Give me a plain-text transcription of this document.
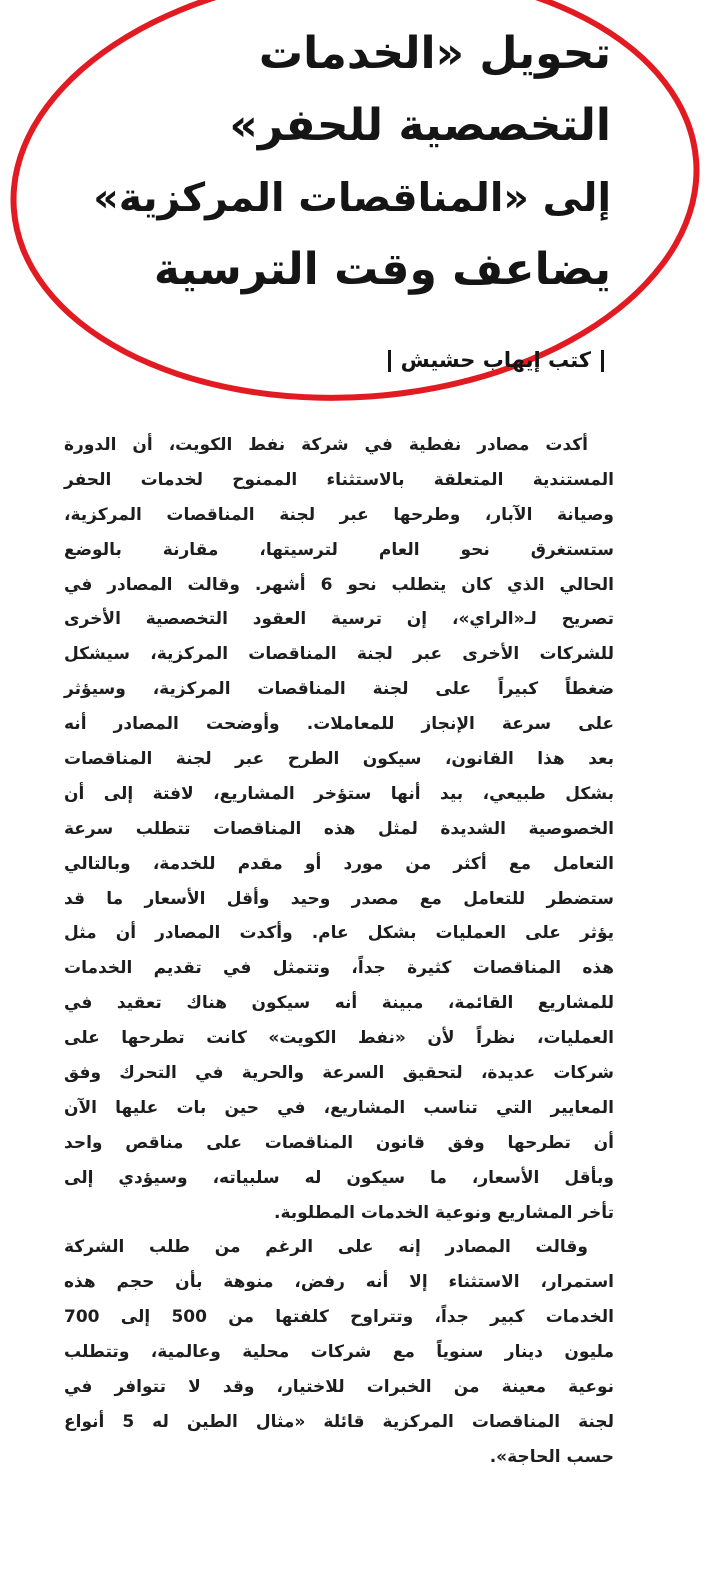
تحويل «الخدمات
التخصصية للحفر»
إلى «المناقصات المركزية»
يضاعف وقت الترسية
كتب إيهاب حشيش
أكدت مصادر نفطية في شركة نفط الكويت، أن الدورة
المستندية المتعلقة بالاستثناء الممنوح لخدمات الحفر
وصيانة الآبار، وطرحها عبر لجنة المناقصات المركزية،
ستستغرق نحو العام لترسيتها، مقارنة بالوضع
الحالي الذي كان يتطلب نحو 6 أشهر. وقالت المصادر في
تصريح لـ«الراي»، إن ترسية العقود التخصصية الأخرى
للشركات الأخرى عبر لجنة المناقصات المركزية، سيشكل
ضغطاً كبيراً على لجنة المناقصات المركزية، وسيؤثر
على سرعة الإنجاز للمعاملات. وأوضحت المصادر أنه
بعد هذا القانون، سيكون الطرح عبر لجنة المناقصات
بشكل طبيعي، بيد أنها ستؤخر المشاريع، لافتة إلى أن
الخصوصية الشديدة لمثل هذه المناقصات تتطلب سرعة
التعامل مع أكثر من مورد أو مقدم للخدمة، وبالتالي
ستضطر للتعامل مع مصدر وحيد وأقل الأسعار ما قد
يؤثر على العمليات بشكل عام. وأكدت المصادر أن مثل
هذه المناقصات كثيرة جداً، وتتمثل في تقديم الخدمات
للمشاريع القائمة، مبينة أنه سيكون هناك تعقيد في
العمليات، نظراً لأن «نفط الكويت» كانت تطرحها على
شركات عديدة، لتحقيق السرعة والحرية في التحرك وفق
المعايير التي تناسب المشاريع، في حين بات عليها الآن
أن تطرحها وفق قانون المناقصات على مناقص واحد
وبأقل الأسعار، ما سيكون له سلبياته، وسيؤدي إلى
تأخر المشاريع ونوعية الخدمات المطلوبة.
وقالت المصادر إنه على الرغم من طلب الشركة
استمرار، الاستثناء إلا أنه رفض، منوهة بأن حجم هذه
الخدمات كبير جداً، وتتراوح كلفتها من 500 إلى 700
مليون دينار سنوياً مع شركات محلية وعالمية، وتتطلب
نوعية معينة من الخبرات للاختيار، وقد لا تتوافر في
لجنة المناقصات المركزية قائلة «مثال الطين له 5 أنواع
حسب الحاجة».
